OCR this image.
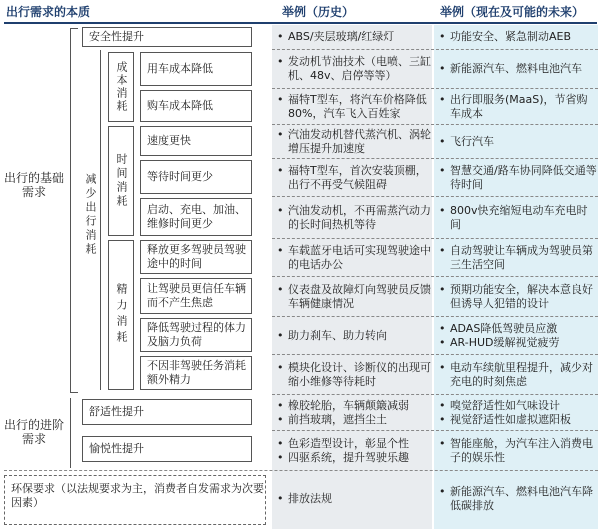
出行需求的本质	举例（历史）	举例（现在及可能的未来）
出行的基础需求	减少出行消耗
成本消耗
时间消耗
精力消耗
安全性提升
用车成本降低
购车成本降低
速度更快
等待时间更少
启动、充电、加油、维修时间更少
释放更多驾驶员驾驶途中的时间
让驾驶员更信任车辆而不产生焦虑
降低驾驶过程的体力及脑力负荷
不因非驾驶任务消耗额外精力
出行的进阶需求
舒适性提升
愉悦性提升
环保要求（以法规要求为主，消费者自发需求为次要因素）
• ABS/夹层玻璃/红绿灯
•	功能安全、紧急制动AEB
• 发动机节油技术（电喷、三缸机、48v、启停等等）
• 新能源汽车、燃料电池汽车
• 福特T型车，将汽车价格降低80%，汽车飞入百姓家
• 出行即服务(MaaS)，节省购车成本
• 汽油发动机替代蒸汽机、涡轮增压提升加速度
• 飞行汽车
• 福特T型车，首次安装顶棚，出行不再受气候阻碍
• 智慧交通/路车协同降低交通等待时间
• 汽油发动机，不再需蒸汽动力的长时间热机等待
• 800v快充缩短电动车充电时间
• 车载蓝牙电话可实现驾驶途中的电话办公
• 自动驾驶让车辆成为驾驶员第三生活空间
• 仪表盘及故障灯向驾驶员反馈车辆健康情况
• 预期功能安全，解决本意良好但诱导人犯错的设计
• 助力刹车、助力转向
• ADAS降低驾驶员应激
• AR-HUD缓解视觉疲劳
• 模块化设计、诊断仪的出现可缩小维修等待耗时
• 电动车续航里程提升，减少对充电的时刻焦虑
• 橡胶轮胎，车辆颠簸减弱
• 前挡玻璃，遮挡尘土
• 嗅觉舒适性如气味设计
• 视觉舒适性如虚拟遮阳板
• 色彩造型设计，彰显个性
• 四驱系统，提升驾驶乐趣
• 智能座舱，为汽车注入消费电子的娱乐性
• 排放法规
• 新能源汽车、燃料电池汽车降低碳排放
